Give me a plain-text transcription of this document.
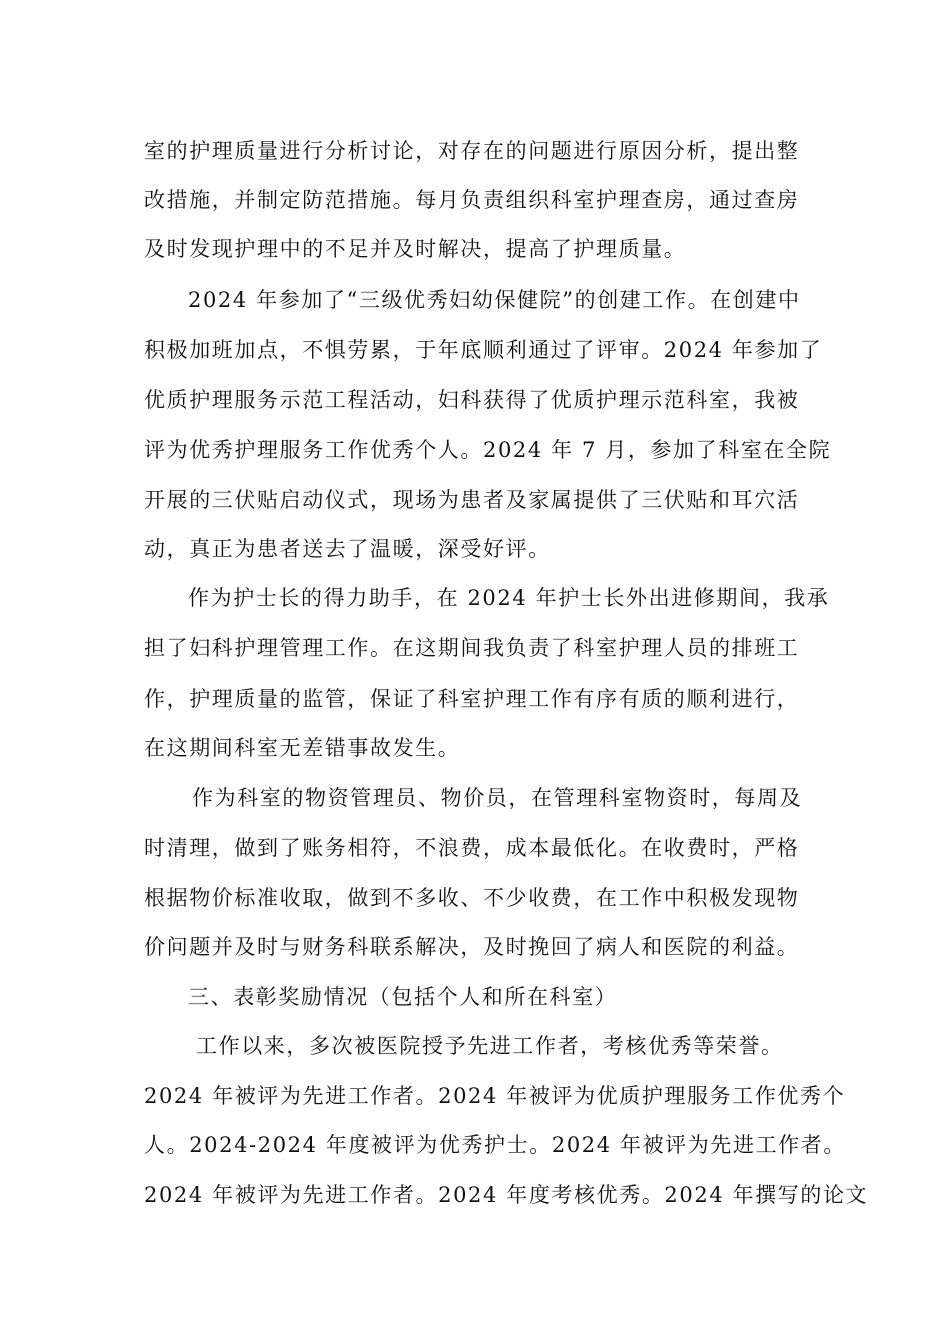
室的护理质量进行分析讨论，对存在的问题进行原因分析，提出整
改措施，并制定防范措施。每月负责组织科室护理查房，通过查房
及时发现护理中的不足并及时解决，提高了护理质量。
2024 年参加了“三级优秀妇幼保健院”的创建工作。在创建中
积极加班加点，不惧劳累，于年底顺利通过了评审。2024 年参加了
优质护理服务示范工程活动，妇科获得了优质护理示范科室，我被
评为优秀护理服务工作优秀个人。2024 年 7 月，参加了科室在全院
开展的三伏贴启动仪式，现场为患者及家属提供了三伏贴和耳穴活
动，真正为患者送去了温暖，深受好评。
作为护士长的得力助手，在 2024 年护士长外出进修期间，我承
担了妇科护理管理工作。在这期间我负责了科室护理人员的排班工
作，护理质量的监管，保证了科室护理工作有序有质的顺利进行，
在这期间科室无差错事故发生。
作为科室的物资管理员、物价员，在管理科室物资时，每周及
时清理，做到了账务相符，不浪费，成本最低化。在收费时，严格
根据物价标准收取，做到不多收、不少收费，在工作中积极发现物
价问题并及时与财务科联系解决，及时挽回了病人和医院的利益。
三、表彰奖励情况（包括个人和所在科室）
工作以来，多次被医院授予先进工作者，考核优秀等荣誉。
2024 年被评为先进工作者。2024 年被评为优质护理服务工作优秀个
人。2024-2024 年度被评为优秀护士。2024 年被评为先进工作者。
2024 年被评为先进工作者。2024 年度考核优秀。2024 年撰写的论文
